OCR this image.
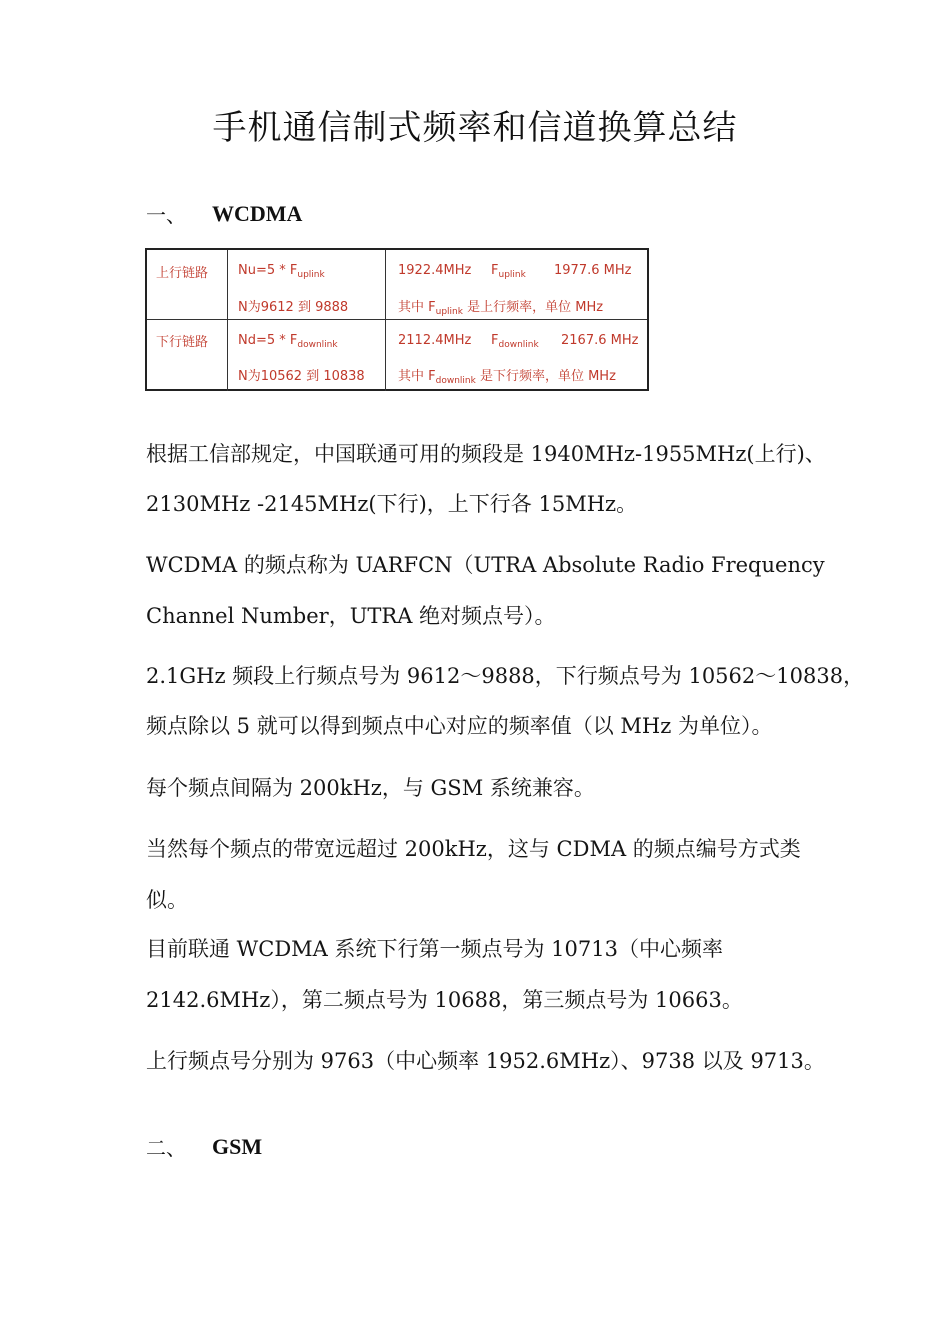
手机通信制式频率和信道换算总结
一、	WCDMA
上行链路 $Nu=5 * F_{uplink}$
N为9612 到 9888
1922.4MHz $F_{uplink}$ 1977.6 MHz
其中 $F_{uplink}$ 是上行频率，单位 MHz
下行链路 $Nd=5 * F_{downlink}$
N为10562 到 10838
2112.4MHz $F_{downlink}$ 2167.6 MHz
其中 $F_{downlink}$ 是下行频率，单位 MHz
根据工信部规定，中国联通可用的频段是 1940MHz-1955MHz(上行)、
2130MHz -2145MHz(下行)，上下行各 15MHz。
WCDMA 的频点称为 UARFCN（UTRA Absolute Radio Frequency
Channel Number，UTRA 绝对频点号）。
2.1GHz 频段上行频点号为 9612～9888，下行频点号为 10562～10838，
频点除以 5 就可以得到频点中心对应的频率值（以 MHz 为单位）。
每个频点间隔为 200kHz，与 GSM 系统兼容。
当然每个频点的带宽远超过 200kHz，这与 CDMA 的频点编号方式类
似。
目前联通 WCDMA 系统下行第一频点号为 10713（中心频率
2142.6MHz），第二频点号为 10688，第三频点号为 10663。
上行频点号分别为 9763（中心频率 1952.6MHz）、9738 以及 9713。
二、	GSM
